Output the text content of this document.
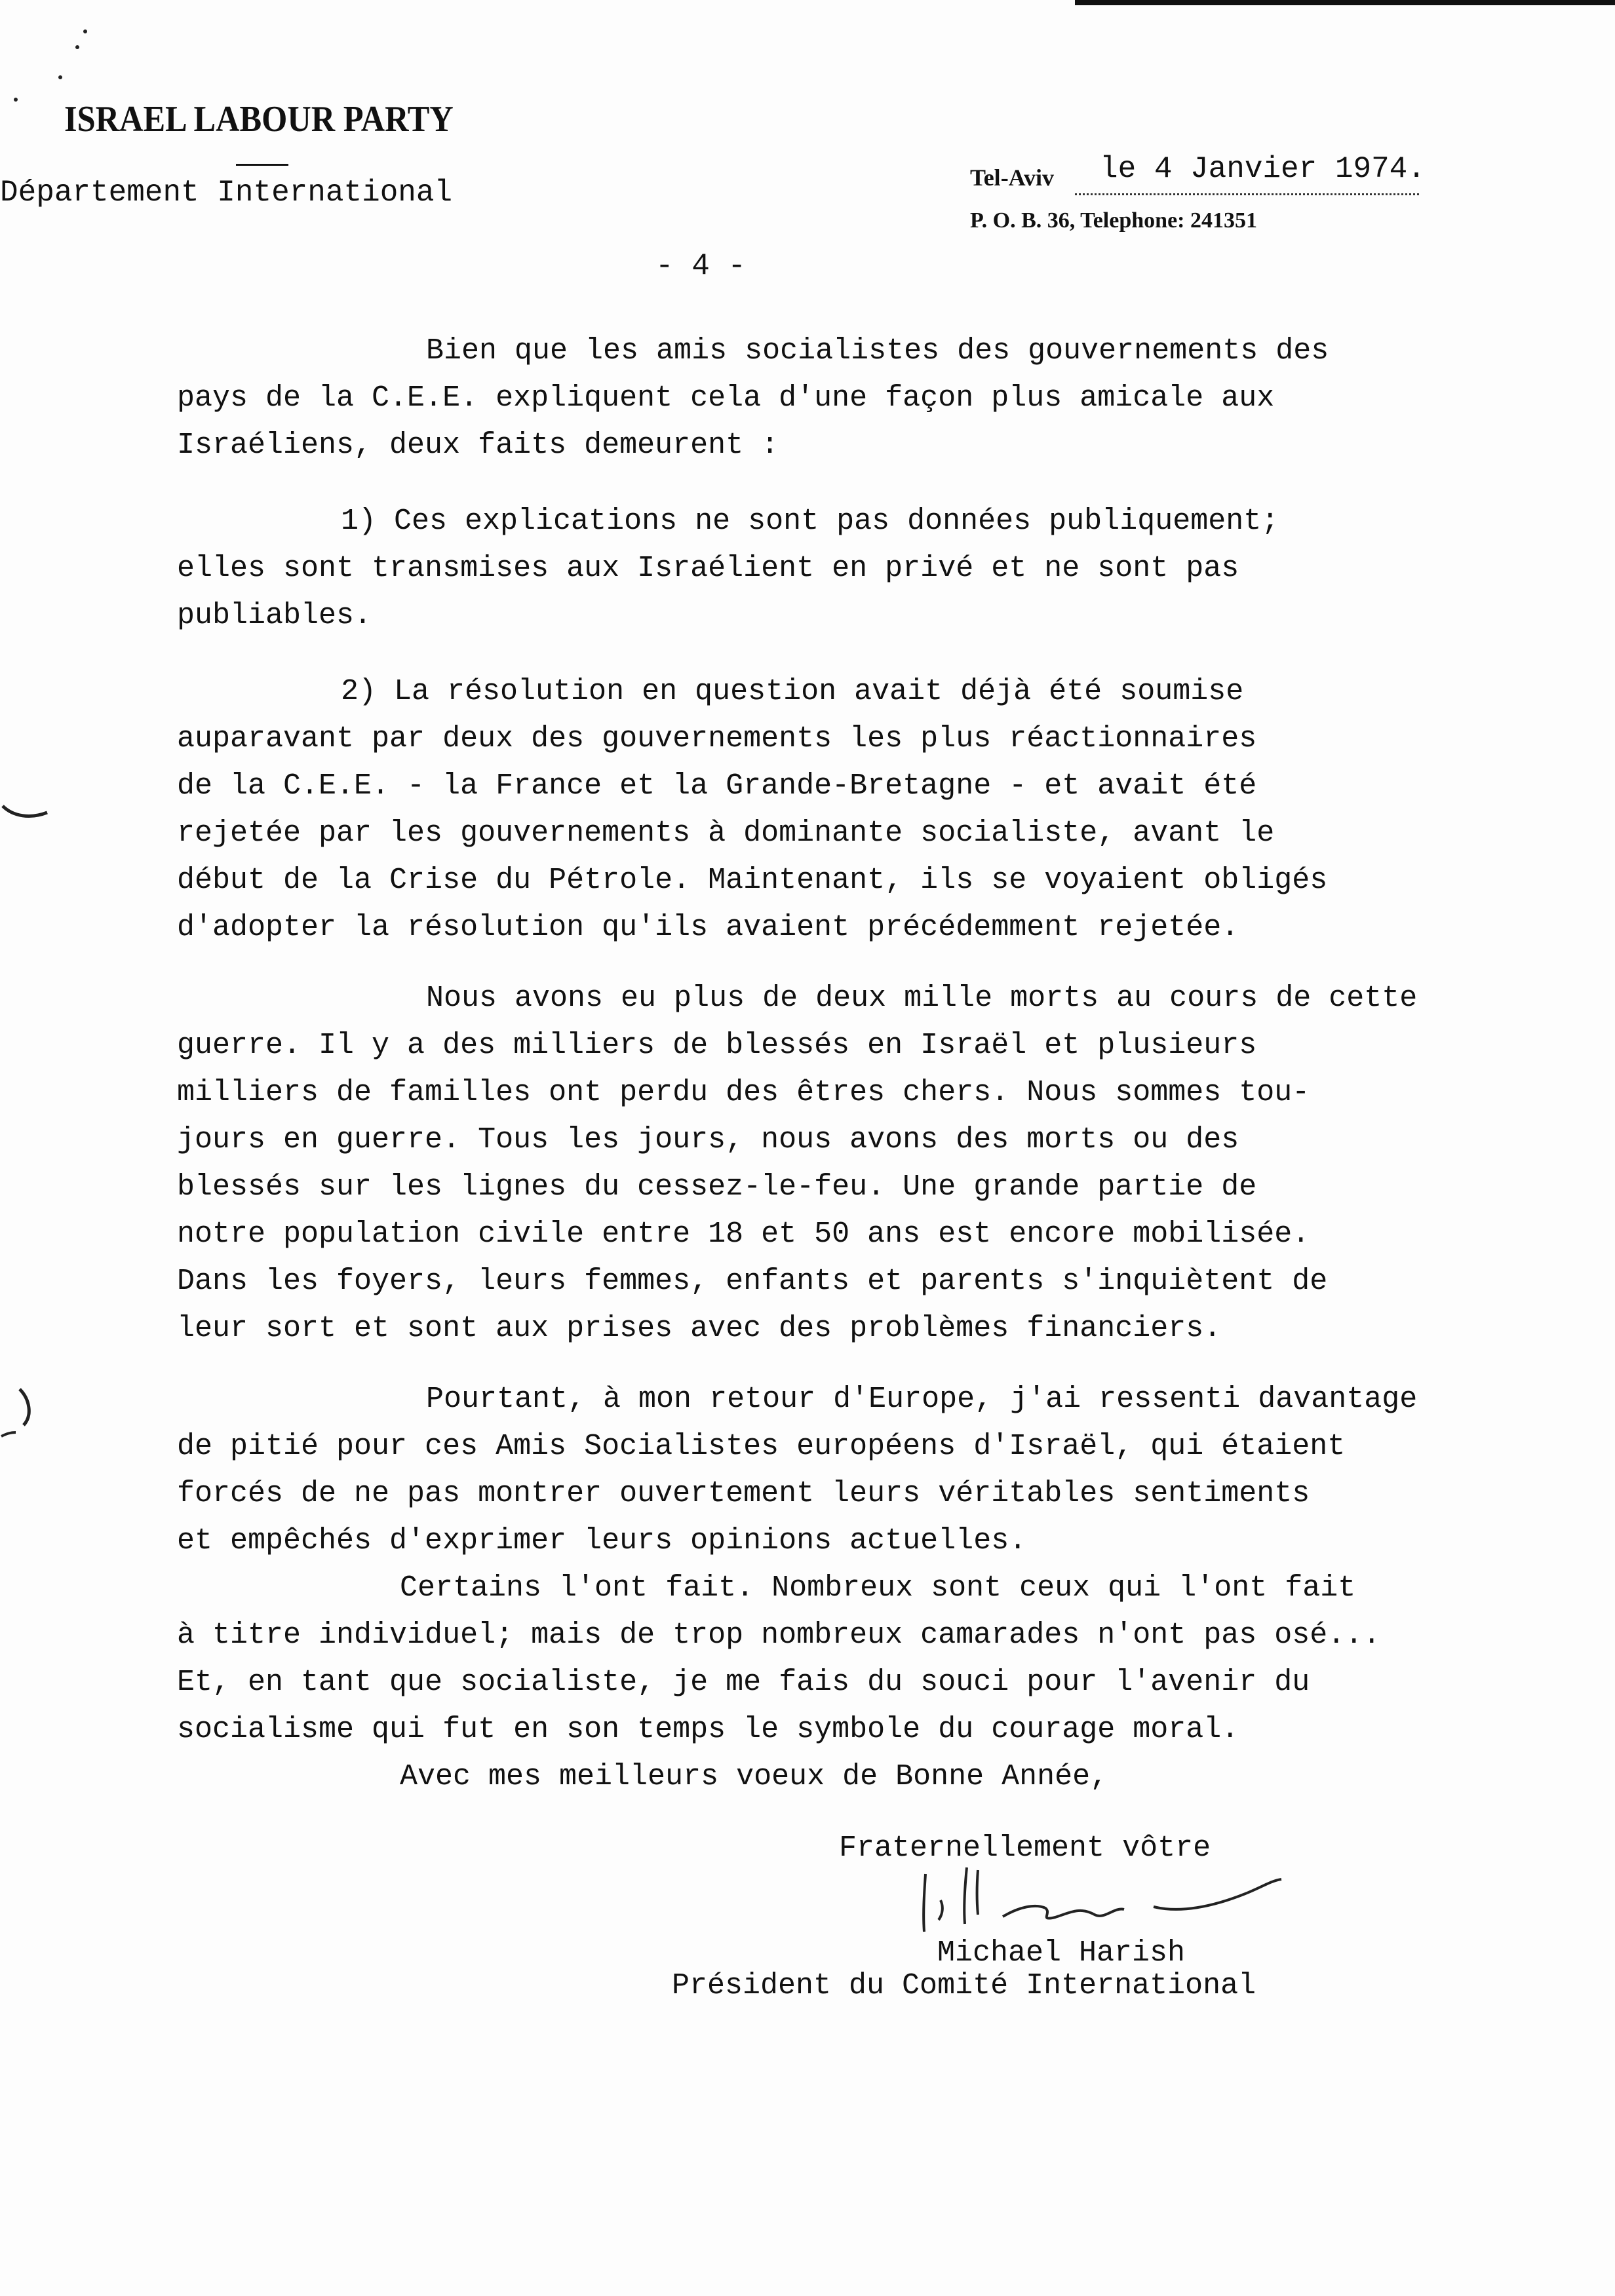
ISRAEL LABOUR PARTY
Département International	Tel-Aviv le 4 Janvier 1974.
P. O. B. 36, Telephone: 241351
- 4 -
Bien que les amis socialistes des gouvernements des
pays de la C.E.E. expliquent cela d'une façon plus amicale aux
Israéliens, deux faits demeurent :
1) Ces explications ne sont pas données publiquement;
elles sont transmises aux Israélient en privé et ne sont pas
publiables.
2) La résolution en question avait déjà été soumise
auparavant par deux des gouvernements les plus réactionnaires
de la C.E.E. - la France et la Grande-Bretagne - et avait été
rejetée par les gouvernements à dominante socialiste, avant le
début de la Crise du Pétrole. Maintenant, ils se voyaient obligés
d'adopter la résolution qu'ils avaient précédemment rejetée.
Nous avons eu plus de deux mille morts au cours de cette
guerre. Il y a des milliers de blessés en Israël et plusieurs
milliers de familles ont perdu des êtres chers. Nous sommes tou-
jours en guerre. Tous les jours, nous avons des morts ou des
blessés sur les lignes du cessez-le-feu. Une grande partie de
notre population civile entre 18 et 50 ans est encore mobilisée.
Dans les foyers, leurs femmes, enfants et parents s'inquiètent de
leur sort et sont aux prises avec des problèmes financiers.
Pourtant, à mon retour d'Europe, j'ai ressenti davantage
de pitié pour ces Amis Socialistes européens d'Israël, qui étaient
forcés de ne pas montrer ouvertement leurs véritables sentiments
et empêchés d'exprimer leurs opinions actuelles.
Certains l'ont fait. Nombreux sont ceux qui l'ont fait
à titre individuel; mais de trop nombreux camarades n'ont pas osé...
Et, en tant que socialiste, je me fais du souci pour l'avenir du
socialisme qui fut en son temps le symbole du courage moral.
Avec mes meilleurs voeux de Bonne Année,
Fraternellement vôtre
Michael Harish
Président du Comité International
